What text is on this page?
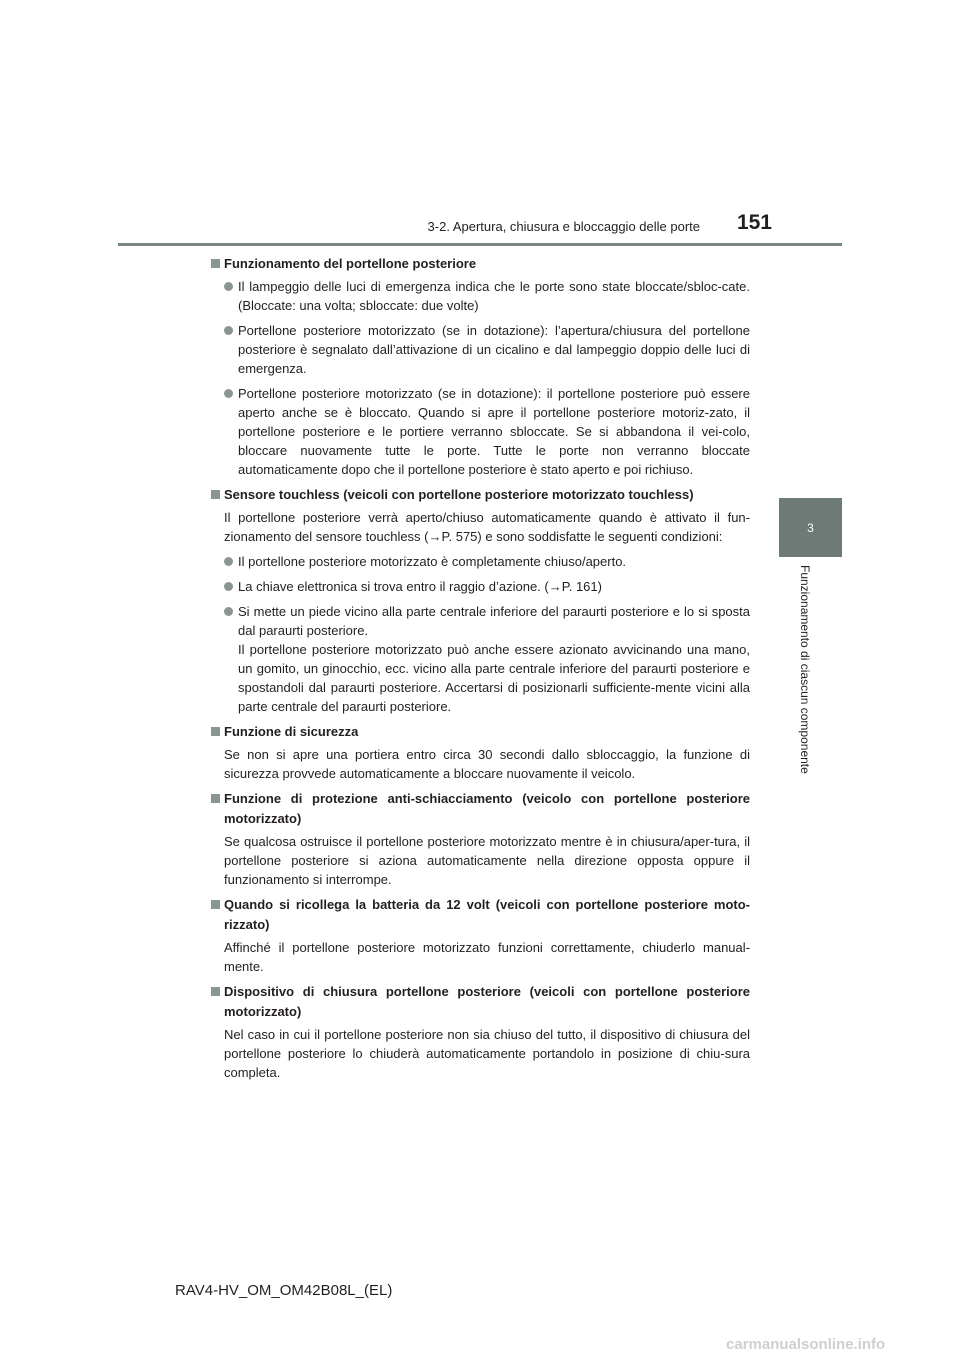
3-2. Apertura, chiusura e bloccaggio delle porte	151
3
Funzionamento di ciascun componente
Funzionamento del portellone posteriore

Il lampeggio delle luci di emergenza indica che le porte sono state bloccate/sbloc-cate. (Bloccate: una volta; sbloccate: due volte)

Portellone posteriore motorizzato (se in dotazione): l’apertura/chiusura del portellone posteriore è segnalato dall’attivazione di un cicalino e dal lampeggio doppio delle luci di emergenza.

Portellone posteriore motorizzato (se in dotazione): il portellone posteriore può essere aperto anche se è bloccato. Quando si apre il portellone posteriore motoriz-zato, il portellone posteriore e le portiere verranno sbloccate. Se si abbandona il vei-colo, bloccare nuovamente tutte le porte. Tutte le porte non verranno bloccate automaticamente dopo che il portellone posteriore è stato aperto e poi richiuso.

Sensore touchless (veicoli con portellone posteriore motorizzato touchless)
Il portellone posteriore verrà aperto/chiuso automaticamente quando è attivato il fun-zionamento del sensore touchless (→P. 575) e sono soddisfatte le seguenti condizioni:

Il portellone posteriore motorizzato è completamente chiuso/aperto.

La chiave elettronica si trova entro il raggio d’azione. (→P. 161)

Si mette un piede vicino alla parte centrale inferiore del paraurti posteriore e lo si sposta dal paraurti posteriore.

Il portellone posteriore motorizzato può anche essere azionato avvicinando una mano, un gomito, un ginocchio, ecc. vicino alla parte centrale inferiore del paraurti posteriore e spostandoli dal paraurti posteriore. Accertarsi di posizionarli sufficiente-mente vicini alla parte centrale del paraurti posteriore.

Funzione di sicurezza
Se non si apre una portiera entro circa 30 secondi dallo sbloccaggio, la funzione di sicurezza provvede automaticamente a bloccare nuovamente il veicolo.
Funzione di protezione anti-schiacciamento (veicolo con portellone posteriore motorizzato)
Se qualcosa ostruisce il portellone posteriore motorizzato mentre è in chiusura/aper-tura, il portellone posteriore si aziona automaticamente nella direzione opposta oppure il funzionamento si interrompe.
Quando si ricollega la batteria da 12 volt (veicoli con portellone posteriore moto-rizzato)
Affinché il portellone posteriore motorizzato funzioni correttamente, chiuderlo manual-mente.
Dispositivo di chiusura portellone posteriore (veicoli con portellone posteriore motorizzato)
Nel caso in cui il portellone posteriore non sia chiuso del tutto, il dispositivo di chiusura del portellone posteriore lo chiuderà automaticamente portandolo in posizione di chiu-sura completa.
RAV4-HV_OM_OM42B08L_(EL)
carmanualsonline.info
